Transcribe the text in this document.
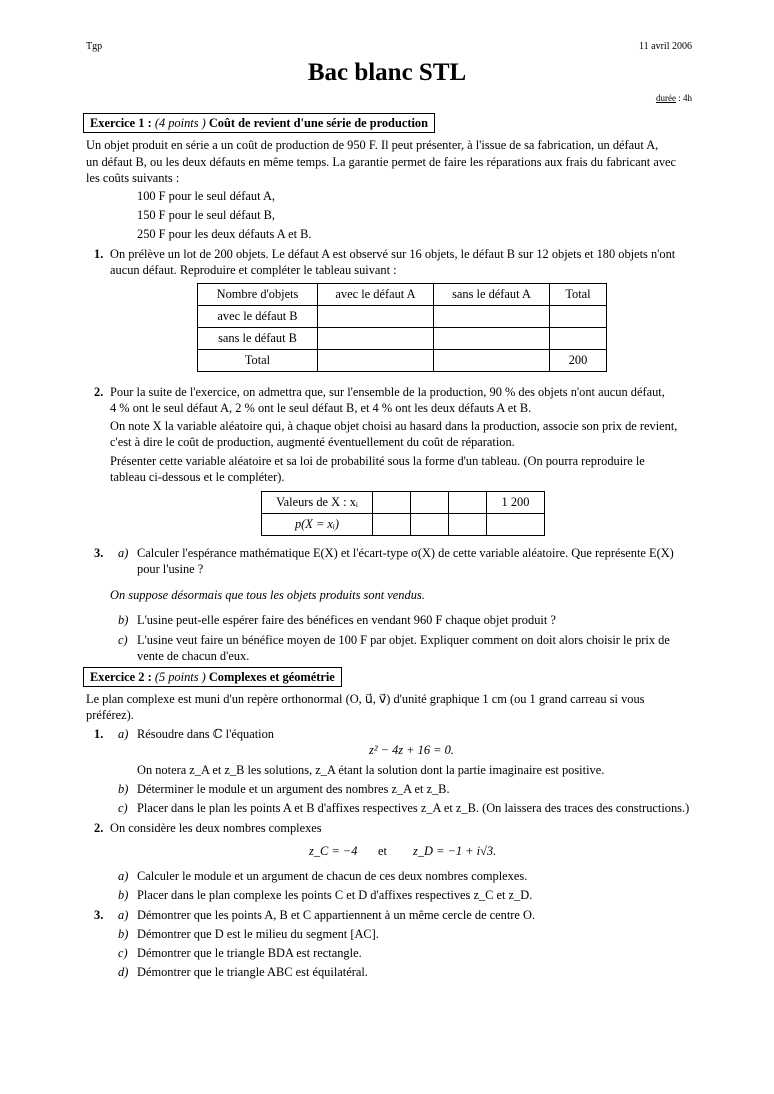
Tgp	11 avril 2006
Bac blanc STL
durée : 4h
Exercice 1 : (4 points ) Coût de revient d'une série de production
Un objet produit en série a un coût de production de 950 F. Il peut présenter, à l'issue de sa fabrication, un défaut A,
un défaut B, ou les deux défauts en même temps. La garantie permet de faire les réparations aux frais du fabricant avec
les coûts suivants :
100 F pour le seul défaut A,
150 F pour le seul défaut B,
250 F pour les deux défauts A et B.
1. On prélève un lot de 200 objets. Le défaut A est observé sur 16 objets, le défaut B sur 12 objets et 180 objets n'ont
aucun défaut. Reproduire et compléter le tableau suivant :
Nombre d'objets	avec le défaut A	sans le défaut A	Total
avec le défaut B			
sans le défaut B			
Total			200
2. Pour la suite de l'exercice, on admettra que, sur l'ensemble de la production, 90 % des objets n'ont aucun défaut,
4 % ont le seul défaut A, 2 % ont le seul défaut B, et 4 % ont les deux défauts A et B.
On note X la variable aléatoire qui, à chaque objet choisi au hasard dans la production, associe son prix de revient,
c'est à dire le coût de production, augmenté éventuellement du coût de réparation.
Présenter cette variable aléatoire et sa loi de probabilité sous la forme d'un tableau. (On pourra reproduire le
tableau ci-dessous et le compléter).
Valeurs de X : xᵢ				1 200
p(X = xᵢ)				
3. a) Calculer l'espérance mathématique E(X) et l'écart-type σ(X) de cette variable aléatoire. Que représente E(X)
pour l'usine ?
On suppose désormais que tous les objets produits sont vendus.
b) L'usine peut-elle espérer faire des bénéfices en vendant 960 F chaque objet produit ?
c) L'usine veut faire un bénéfice moyen de 100 F par objet. Expliquer comment on doit alors choisir le prix de
vente de chacun d'eux.
Exercice 2 : (5 points ) Complexes et géométrie
Le plan complexe est muni d'un repère orthonormal (O, u⃗, v⃗) d'unité graphique 1 cm (ou 1 grand carreau si vous
préférez).
1. a) Résoudre dans ℂ l'équation
z² − 4z + 16 = 0.
On notera z_A et z_B les solutions, z_A étant la solution dont la partie imaginaire est positive.
b) Déterminer le module et un argument des nombres z_A et z_B.
c) Placer dans le plan les points A et B d'affixes respectives z_A et z_B. (On laissera des traces des constructions.)
2. On considère les deux nombres complexes
z_C = −4 et z_D = −1 + i√3.
a) Calculer le module et un argument de chacun de ces deux nombres complexes.
b) Placer dans le plan complexe les points C et D d'affixes respectives z_C et z_D.
3. a) Démontrer que les points A, B et C appartiennent à un même cercle de centre O.
b) Démontrer que D est le milieu du segment [AC].
c) Démontrer que le triangle BDA est rectangle.
d) Démontrer que le triangle ABC est équilatéral.
